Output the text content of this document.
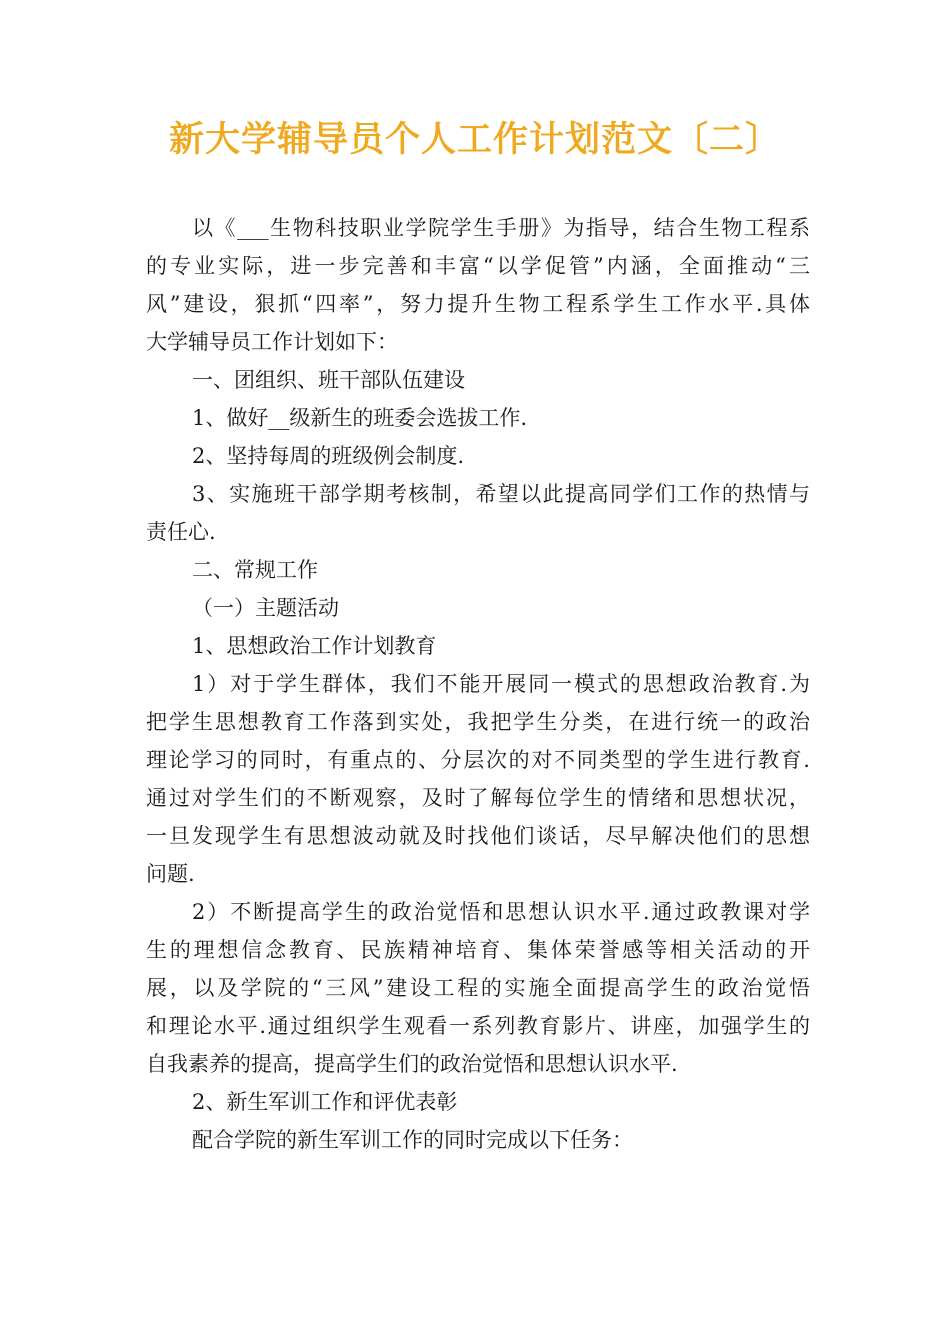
新大学辅导员个人工作计划范文〔二〕
以《___生物科技职业学院学生手册》为指导，结合生物工程系
的专业实际，进一步完善和丰富“以学促管”内涵，全面推动“三
风”建设，狠抓“四率”，努力提升生物工程系学生工作水平.具体
大学辅导员工作计划如下：
一、团组织、班干部队伍建设
1、做好__级新生的班委会选拔工作.
2、坚持每周的班级例会制度.
3、实施班干部学期考核制，希望以此提高同学们工作的热情与
责任心.
二、常规工作
（一）主题活动
1、思想政治工作计划教育
1）对于学生群体，我们不能开展同一模式的思想政治教育.为
把学生思想教育工作落到实处，我把学生分类，在进行统一的政治
理论学习的同时，有重点的、分层次的对不同类型的学生进行教育.
通过对学生们的不断观察，及时了解每位学生的情绪和思想状况，
一旦发现学生有思想波动就及时找他们谈话，尽早解决他们的思想
问题.
2）不断提高学生的政治觉悟和思想认识水平.通过政教课对学
生的理想信念教育、民族精神培育、集体荣誉感等相关活动的开
展，以及学院的“三风”建设工程的实施全面提高学生的政治觉悟
和理论水平.通过组织学生观看一系列教育影片、讲座，加强学生的
自我素养的提高，提高学生们的政治觉悟和思想认识水平.
2、新生军训工作和评优表彰
配合学院的新生军训工作的同时完成以下任务：
